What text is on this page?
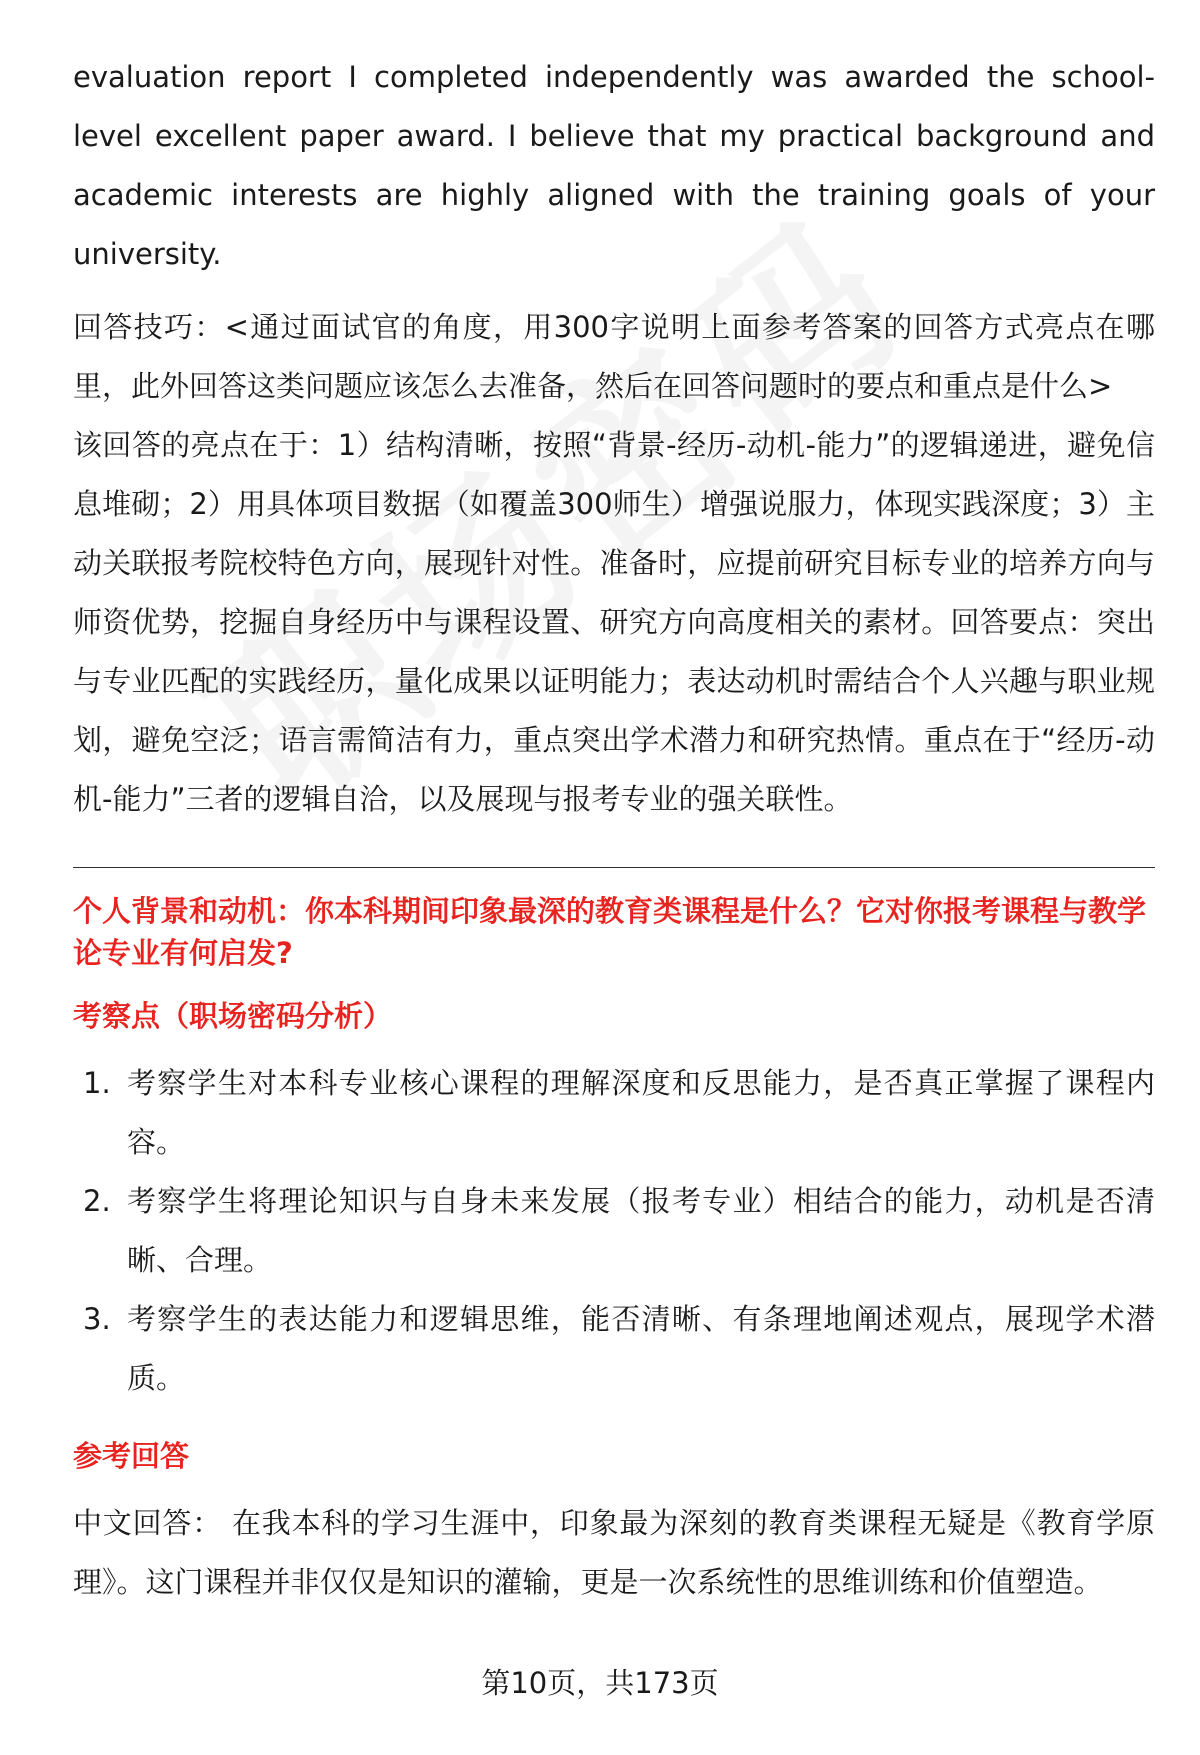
evaluation report I completed independently was awarded the school-level excellent paper award. I believe that my practical background and academic interests are highly aligned with the training goals of your university.

回答技巧：<通过面试官的角度，用300字说明上面参考答案的回答方式亮点在哪里，此外回答这类问题应该怎么去准备，然后在回答问题时的要点和重点是什么>

该回答的亮点在于：1）结构清晰，按照“背景-经历-动机-能力”的逻辑递进，避免信息堆砌；2）用具体项目数据（如覆盖300师生）增强说服力，体现实践深度；3）主动关联报考院校特色方向，展现针对性。准备时，应提前研究目标专业的培养方向与师资优势，挖掘自身经历中与课程设置、研究方向高度相关的素材。回答要点：突出与专业匹配的实践经历，量化成果以证明能力；表达动机时需结合个人兴趣与职业规划，避免空泛；语言需简洁有力，重点突出学术潜力和研究热情。重点在于“经历-动机-能力”三者的逻辑自洽，以及展现与报考专业的强关联性。

个人背景和动机：你本科期间印象最深的教育类课程是什么？它对你报考课程与教学论专业有何启发?

考察点（职场密码分析）
1. 考察学生对本科专业核心课程的理解深度和反思能力，是否真正掌握了课程内容。
2. 考察学生将理论知识与自身未来发展（报考专业）相结合的能力，动机是否清晰、合理。
3. 考察学生的表达能力和逻辑思维，能否清晰、有条理地阐述观点，展现学术潜质。
参考回答

中文回答： 在我本科的学习生涯中，印象最为深刻的教育类课程无疑是《教育学原理》。这门课程并非仅仅是知识的灌输，更是一次系统性的思维训练和价值塑造。

第10页，共173页
